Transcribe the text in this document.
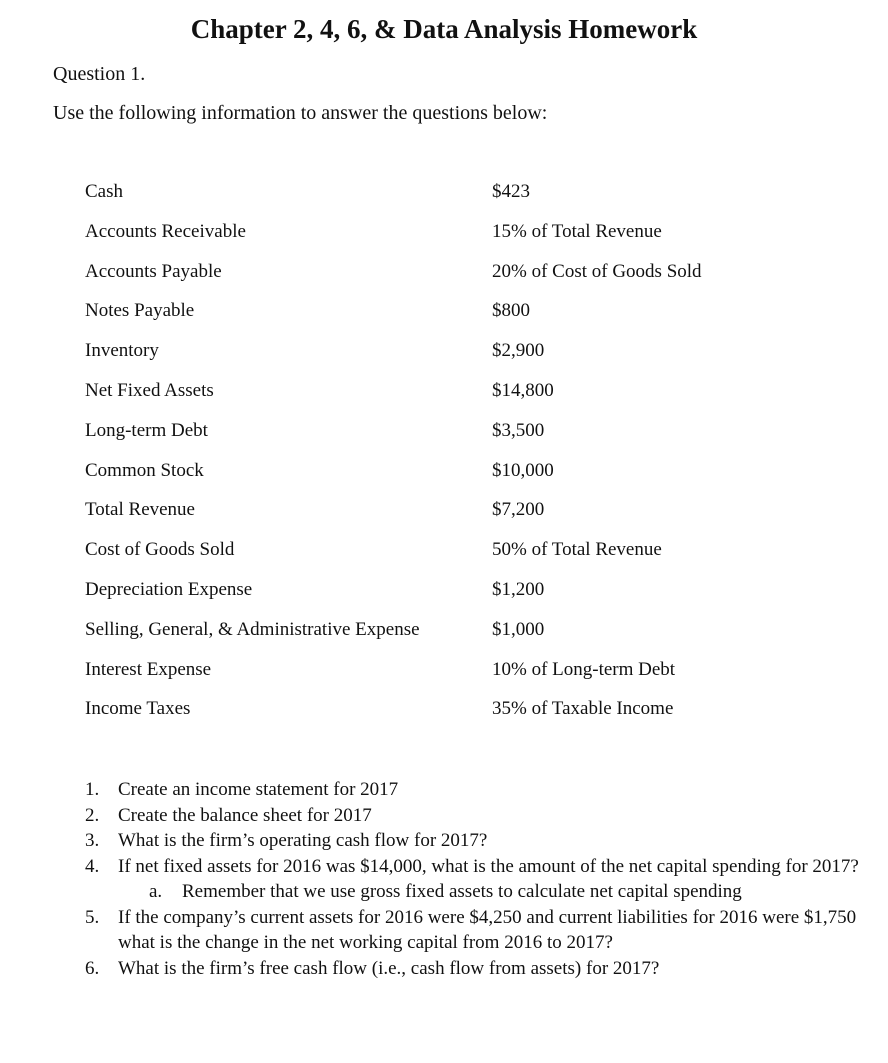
Chapter 2, 4, 6, & Data Analysis Homework
Question 1.
Use the following information to answer the questions below:
Cash	$423
Accounts Receivable	15% of Total Revenue
Accounts Payable	20% of Cost of Goods Sold
Notes Payable	$800
Inventory	$2,900
Net Fixed Assets	$14,800
Long-term Debt	$3,500
Common Stock	$10,000
Total Revenue	$7,200
Cost of Goods Sold	50% of Total Revenue
Depreciation Expense	$1,200
Selling, General, & Administrative Expense	$1,000
Interest Expense	10% of Long-term Debt
Income Taxes	35% of Taxable Income
1. Create an income statement for 2017
2. Create the balance sheet for 2017
3. What is the firm’s operating cash flow for 2017?
4. If net fixed assets for 2016 was $14,000, what is the amount of the net capital spending for 2017?
a. Remember that we use gross fixed assets to calculate net capital spending
5. If the company’s current assets for 2016 were $4,250 and current liabilities for 2016 were $1,750 what is the change in the net working capital from 2016 to 2017?
6. What is the firm’s free cash flow (i.e., cash flow from assets) for 2017?
